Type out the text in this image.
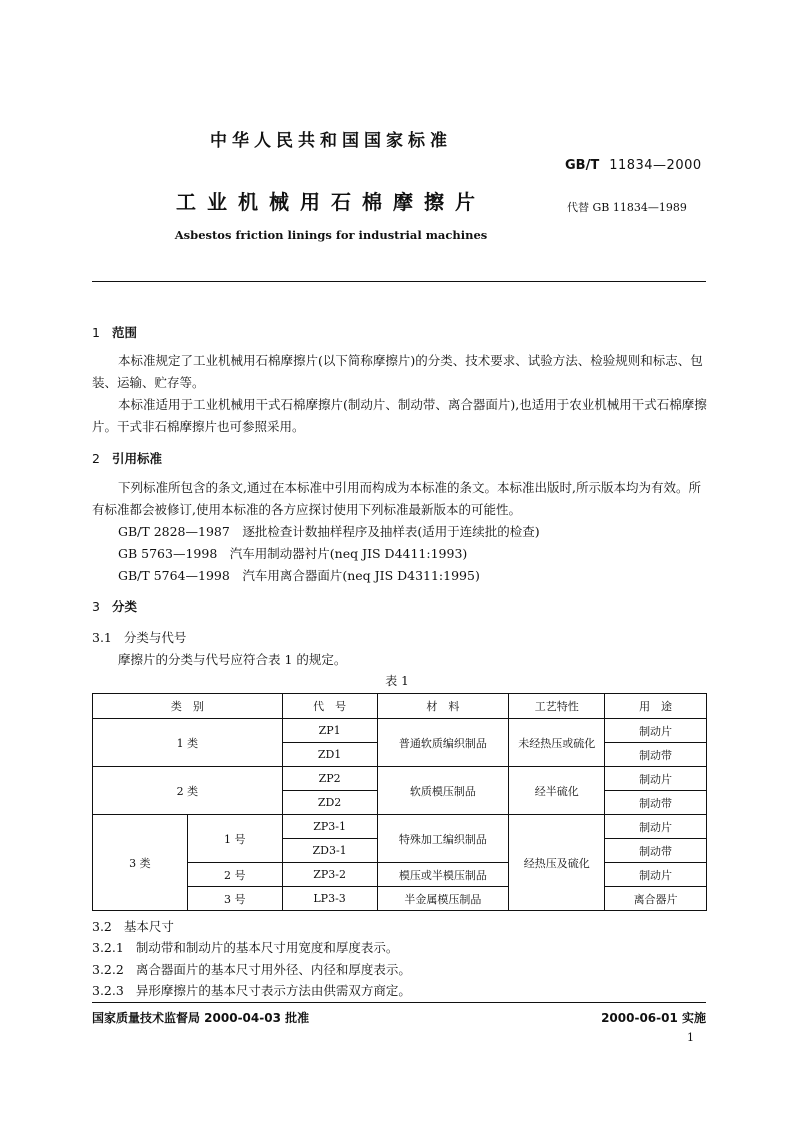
中华人民共和国国家标准
GB/T 11834—2000
工业机械用石棉摩擦片	代替 GB 11834—1989
Asbestos friction linings for industrial machines
1 范围
本标准规定了工业机械用石棉摩擦片(以下简称摩擦片)的分类、技术要求、试验方法、检验规则和标志、包装、运输、贮存等。
本标准适用于工业机械用干式石棉摩擦片(制动片、制动带、离合器面片),也适用于农业机械用干式石棉摩擦片。干式非石棉摩擦片也可参照采用。
2 引用标准
下列标准所包含的条文,通过在本标准中引用而构成为本标准的条文。本标准出版时,所示版本均为有效。所有标准都会被修订,使用本标准的各方应探讨使用下列标准最新版本的可能性。
GB/T 2828—1987　逐批检查计数抽样程序及抽样表(适用于连续批的检查)
GB 5763—1998　汽车用制动器衬片(neq JIS D4411:1993)
GB/T 5764—1998　汽车用离合器面片(neq JIS D4311:1995)
3 分类
3.1 分类与代号
摩擦片的分类与代号应符合表 1 的规定。
表 1
类　别		代　号	材　料	工艺特性	用　途
1 类		ZP1	普通软质编织制品	未经热压或硫化	制动片
		ZD1			制动带
2 类		ZP2	软质模压制品	经半硫化	制动片
		ZD2			制动带
3 类	1 号	ZP3-1	特殊加工编织制品	经热压及硫化	制动片
		ZD3-1			制动带
	2 号	ZP3-2	模压或半模压制品		制动片
	3 号	LP3-3	半金属模压制品		离合器片
3.2 基本尺寸
3.2.1 制动带和制动片的基本尺寸用宽度和厚度表示。
3.2.2 离合器面片的基本尺寸用外径、内径和厚度表示。
3.2.3 异形摩擦片的基本尺寸表示方法由供需双方商定。
国家质量技术监督局 2000-04-03 批准	2000-06-01 实施
1
